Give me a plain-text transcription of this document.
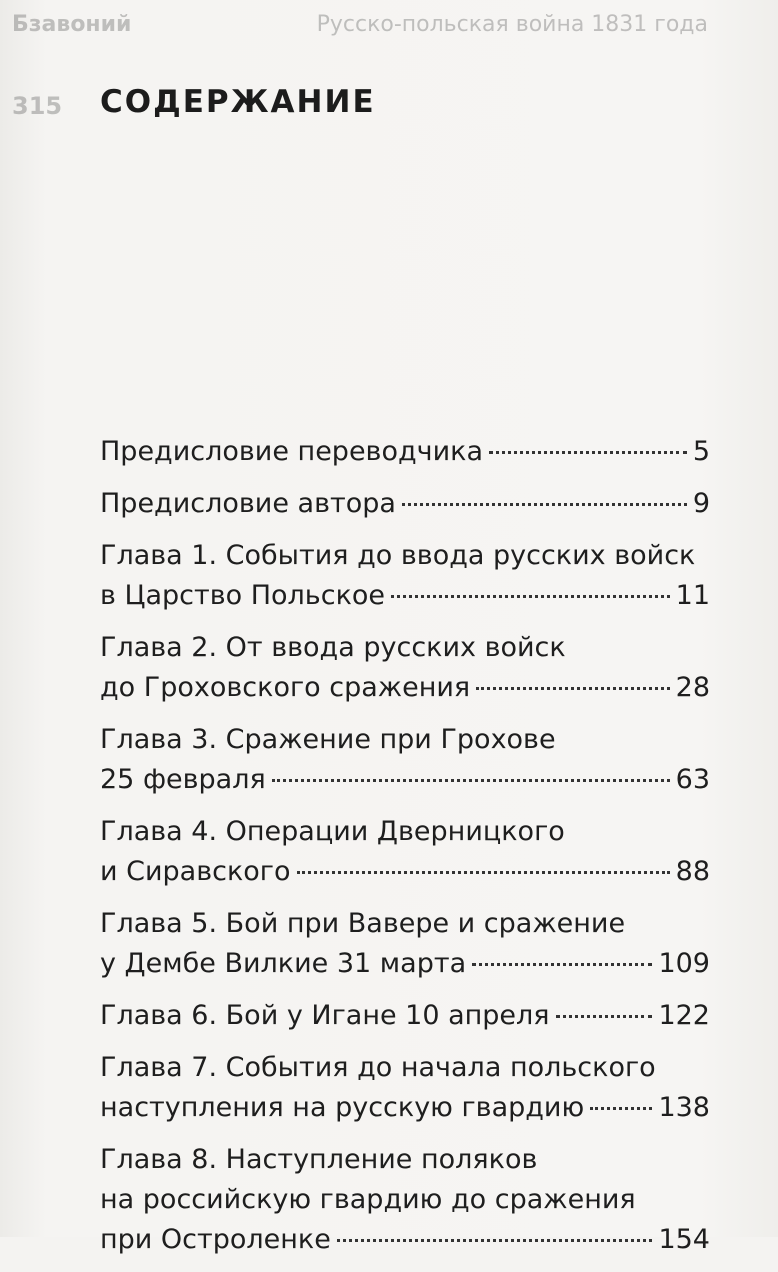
Бзавоний	Русско-польская война 1831 года
315 СОДЕРЖАНИЕ
Предисловие переводчика	5
Предисловие автора	9
Глава 1. События до ввода русских войск
в Царство Польское	11
Глава 2. От ввода русских войск
до Гроховского сражения	28
Глава 3. Сражение при Грохове
25 февраля	63
Глава 4. Операции Дверницкого
и Сиравского	88
Глава 5. Бой при Вавере и сражение
у Дембе Вилкие 31 марта	109
Глава 6. Бой у Игане 10 апреля	122
Глава 7. События до начала польского
наступления на русскую гвардию	138
Глава 8. Наступление поляков
на российскую гвардию до сражения
при Остроленке	154
